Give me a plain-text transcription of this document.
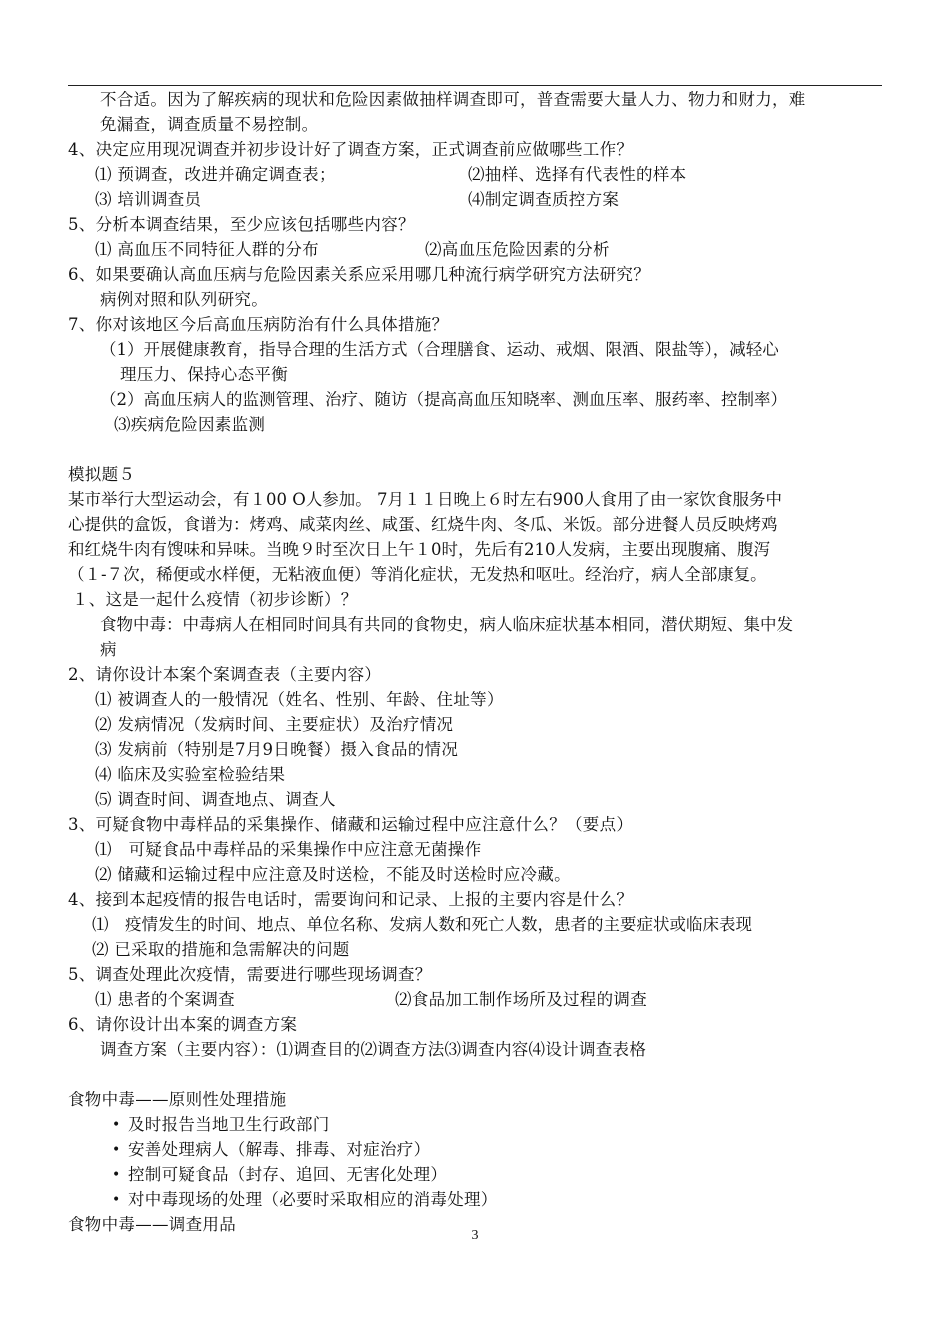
不合适。因为了解疾病的现状和危险因素做抽样调查即可，普查需要大量人力、物力和财力，难
免漏查，调查质量不易控制。
4、决定应用现况调查并初步设计好了调查方案，正式调查前应做哪些工作？
⑴ 预调查，改进并确定调查表；	⑵抽样、选择有代表性的样本
⑶ 培训调查员	⑷制定调查质控方案
5、分析本调查结果，至少应该包括哪些内容？
⑴ 高血压不同特征人群的分布	⑵高血压危险因素的分析
6、如果要确认高血压病与危险因素关系应采用哪几种流行病学研究方法研究？
病例对照和队列研究。
7、你对该地区今后高血压病防治有什么具体措施？
（1）开展健康教育，指导合理的生活方式（合理膳食、运动、戒烟、限酒、限盐等），减轻心
理压力、保持心态平衡
（2）高血压病人的监测管理、治疗、随访（提高高血压知晓率、测血压率、服药率、控制率）
⑶疾病危险因素监测
模拟题５
某市举行大型运动会，有１00 O人参加。 7月１１日晚上６时左右900人食用了由一家饮食服务中
心提供的盒饭，食谱为：烤鸡、咸菜肉丝、咸蛋、红烧牛肉、冬瓜、米饭。部分进餐人员反映烤鸡
和红烧牛肉有馊味和异味。当晚９时至次日上午１0时，先后有210人发病，主要出现腹痛、腹泻
（１-７次，稀便或水样便，无粘液血便）等消化症状，无发热和呕吐。经治疗，病人全部康复。
１、这是一起什么疫情（初步诊断）？
食物中毒：中毒病人在相同时间具有共同的食物史，病人临床症状基本相同，潜伏期短、集中发
病
2、请你设计本案个案调查表（主要内容）
⑴ 被调查人的一般情况（姓名、性别、年龄、住址等）
⑵ 发病情况（发病时间、主要症状）及治疗情况
⑶ 发病前（特别是7月9日晚餐）摄入食品的情况
⑷ 临床及实验室检验结果
⑸ 调查时间、调查地点、调查人
3、可疑食物中毒样品的采集操作、储藏和运输过程中应注意什么？（要点）
⑴　可疑食品中毒样品的采集操作中应注意无菌操作
⑵ 储藏和运输过程中应注意及时送检，不能及时送检时应冷藏。
4、接到本起疫情的报告电话时，需要询问和记录、上报的主要内容是什么？
⑴　疫情发生的时间、地点、单位名称、发病人数和死亡人数，患者的主要症状或临床表现
⑵ 已采取的措施和急需解决的问题
5、调查处理此次疫情，需要进行哪些现场调查？
⑴ 患者的个案调查	⑵食品加工制作场所及过程的调查
6、请你设计出本案的调查方案
调查方案（主要内容）：⑴调查目的⑵调查方法⑶调查内容⑷设计调查表格
食物中毒——原则性处理措施
• 及时报告当地卫生行政部门
• 安善处理病人（解毒、排毒、对症治疗）
• 控制可疑食品（封存、追回、无害化处理）
• 对中毒现场的处理（必要时采取相应的消毒处理）
食物中毒——调查用品
3
